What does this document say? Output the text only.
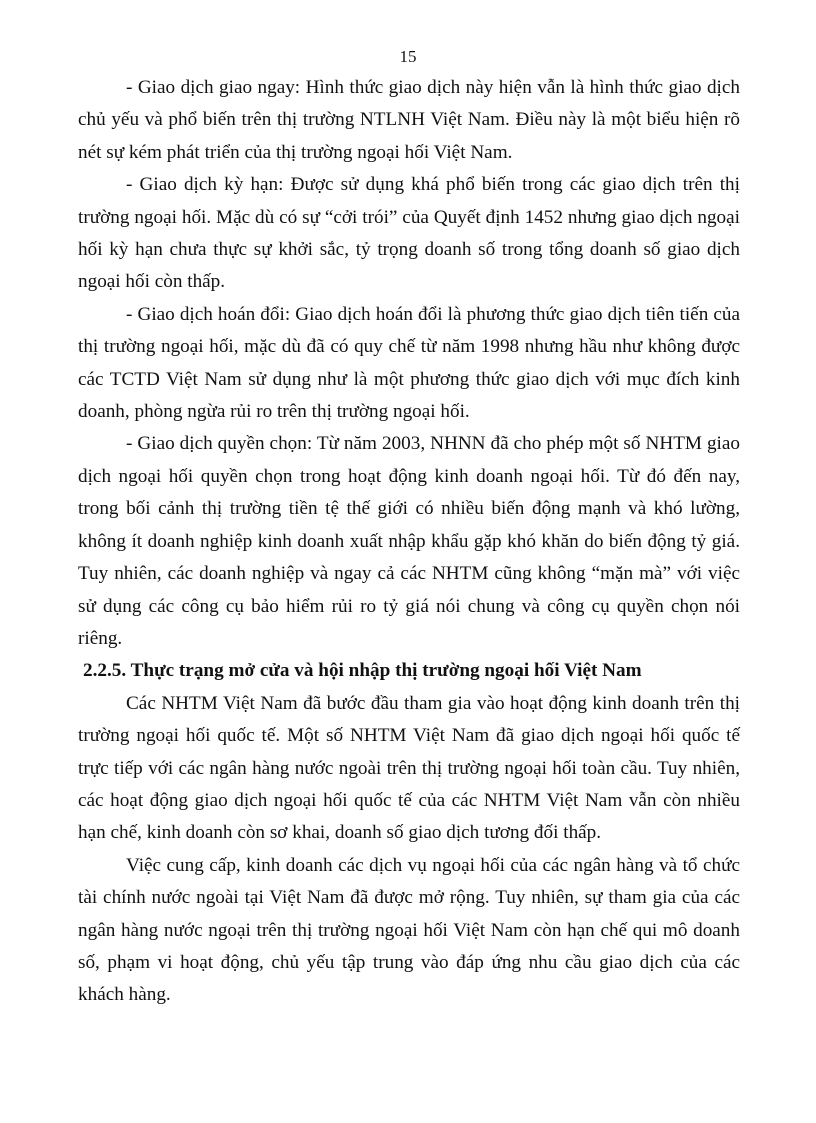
15

- Giao dịch giao ngay: Hình thức giao dịch này hiện vẫn là hình thức giao dịch chủ yếu và phổ biến trên thị trường NTLNH Việt Nam. Điều này là một biểu hiện rõ nét sự kém phát triển của thị trường ngoại hối Việt Nam.

- Giao dịch kỳ hạn: Được sử dụng khá phổ biến trong các giao dịch trên thị trường ngoại hối. Mặc dù có sự “cởi trói” của Quyết định 1452 nhưng giao dịch ngoại hối kỳ hạn chưa thực sự khởi sắc, tỷ trọng doanh số trong tổng doanh số giao dịch ngoại hối còn thấp.

- Giao dịch hoán đổi: Giao dịch hoán đổi là phương thức giao dịch tiên tiến của thị trường ngoại hối, mặc dù đã có quy chế từ năm 1998 nhưng hầu như không được các TCTD Việt Nam sử dụng như là một phương thức giao dịch với mục đích kinh doanh, phòng ngừa rủi ro trên thị trường ngoại hối.

- Giao dịch quyền chọn: Từ năm 2003, NHNN đã cho phép một số NHTM giao dịch ngoại hối quyền chọn trong hoạt động kinh doanh ngoại hối. Từ đó đến nay, trong bối cảnh thị trường tiền tệ thế giới có nhiều biến động mạnh và khó lường, không ít doanh nghiệp kinh doanh xuất nhập khẩu gặp khó khăn do biến động tỷ giá. Tuy nhiên, các doanh nghiệp và ngay cả các NHTM cũng không “mặn mà” với việc sử dụng các công cụ bảo hiểm rủi ro tỷ giá nói chung và công cụ quyền chọn nói riêng.

2.2.5. Thực trạng mở cửa và hội nhập thị trường ngoại hối Việt Nam

Các NHTM Việt Nam đã bước đầu tham gia vào hoạt động kinh doanh trên thị trường ngoại hối quốc tế. Một số NHTM Việt Nam đã giao dịch ngoại hối quốc tế trực tiếp với các ngân hàng nước ngoài trên thị trường ngoại hối toàn cầu. Tuy nhiên, các hoạt động giao dịch ngoại hối quốc tế của các NHTM Việt Nam vẫn còn nhiều hạn chế, kinh doanh còn sơ khai, doanh số giao dịch tương đối thấp.

Việc cung cấp, kinh doanh các dịch vụ ngoại hối của các ngân hàng và tổ chức tài chính nước ngoài tại Việt Nam đã được mở rộng. Tuy nhiên, sự tham gia của các ngân hàng nước ngoại trên thị trường ngoại hối Việt Nam còn hạn chế qui mô doanh số, phạm vi hoạt động, chủ yếu tập trung vào đáp ứng nhu cầu giao dịch của các khách hàng.
